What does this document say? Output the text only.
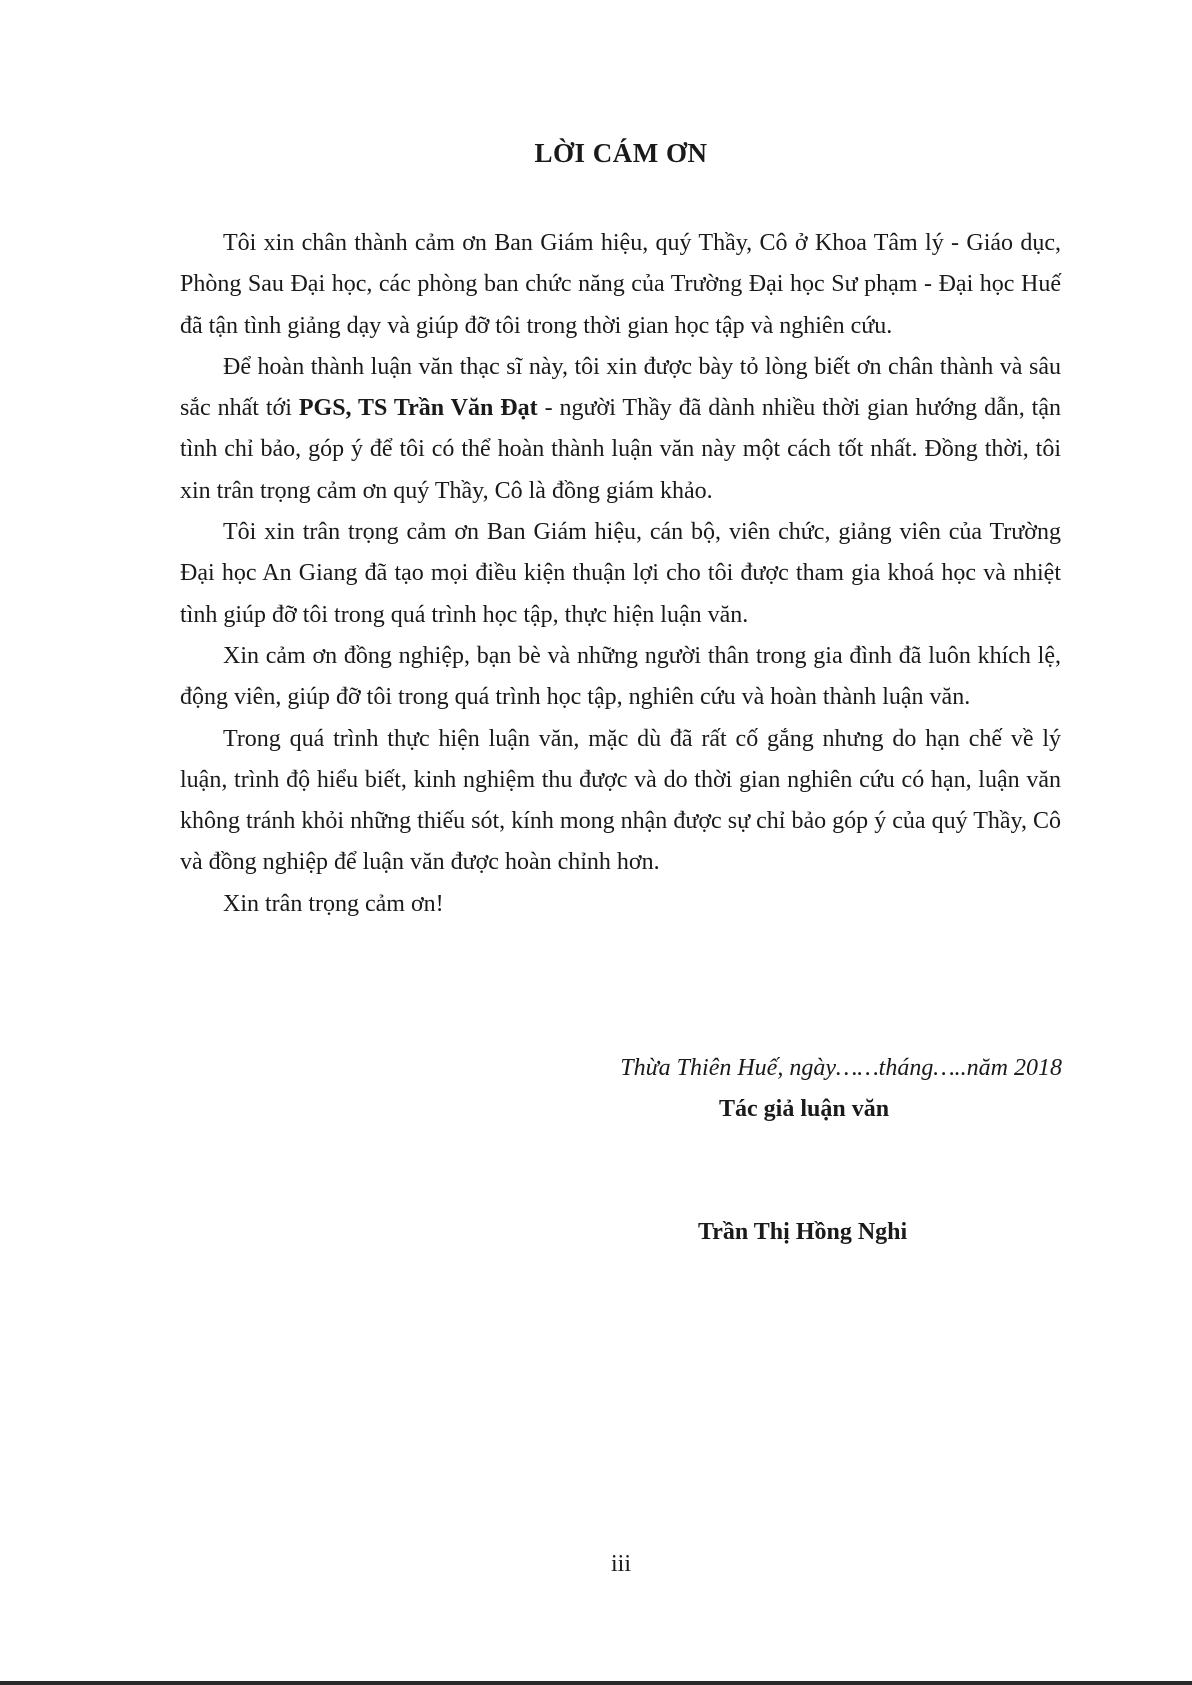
LỜI CÁM ƠN

Tôi xin chân thành cảm ơn Ban Giám hiệu, quý Thầy, Cô ở Khoa Tâm lý - Giáo dục, Phòng Sau Đại học, các phòng ban chức năng của Trường Đại học Sư phạm - Đại học Huế đã tận tình giảng dạy và giúp đỡ tôi trong thời gian học tập và nghiên cứu.

Để hoàn thành luận văn thạc sĩ này, tôi xin được bày tỏ lòng biết ơn chân thành và sâu sắc nhất tới PGS, TS Trần Văn Đạt - người Thầy đã dành nhiều thời gian hướng dẫn, tận tình chỉ bảo, góp ý để tôi có thể hoàn thành luận văn này một cách tốt nhất. Đồng thời, tôi xin trân trọng cảm ơn quý Thầy, Cô là đồng giám khảo.

Tôi xin trân trọng cảm ơn Ban Giám hiệu, cán bộ, viên chức, giảng viên của Trường Đại học An Giang đã tạo mọi điều kiện thuận lợi cho tôi được tham gia khoá học và nhiệt tình giúp đỡ tôi trong quá trình học tập, thực hiện luận văn.

Xin cảm ơn đồng nghiệp, bạn bè và những người thân trong gia đình đã luôn khích lệ, động viên, giúp đỡ tôi trong quá trình học tập, nghiên cứu và hoàn thành luận văn.

Trong quá trình thực hiện luận văn, mặc dù đã rất cố gắng nhưng do hạn chế về lý luận, trình độ hiểu biết, kinh nghiệm thu được và do thời gian nghiên cứu có hạn, luận văn không tránh khỏi những thiếu sót, kính mong nhận được sự chỉ bảo góp ý của quý Thầy, Cô và đồng nghiệp để luận văn được hoàn chỉnh hơn.

Xin trân trọng cảm ơn!

Thừa Thiên Huế, ngày……tháng…..năm 2018
Tác giả luận văn
Trần Thị Hồng Nghi
iii
